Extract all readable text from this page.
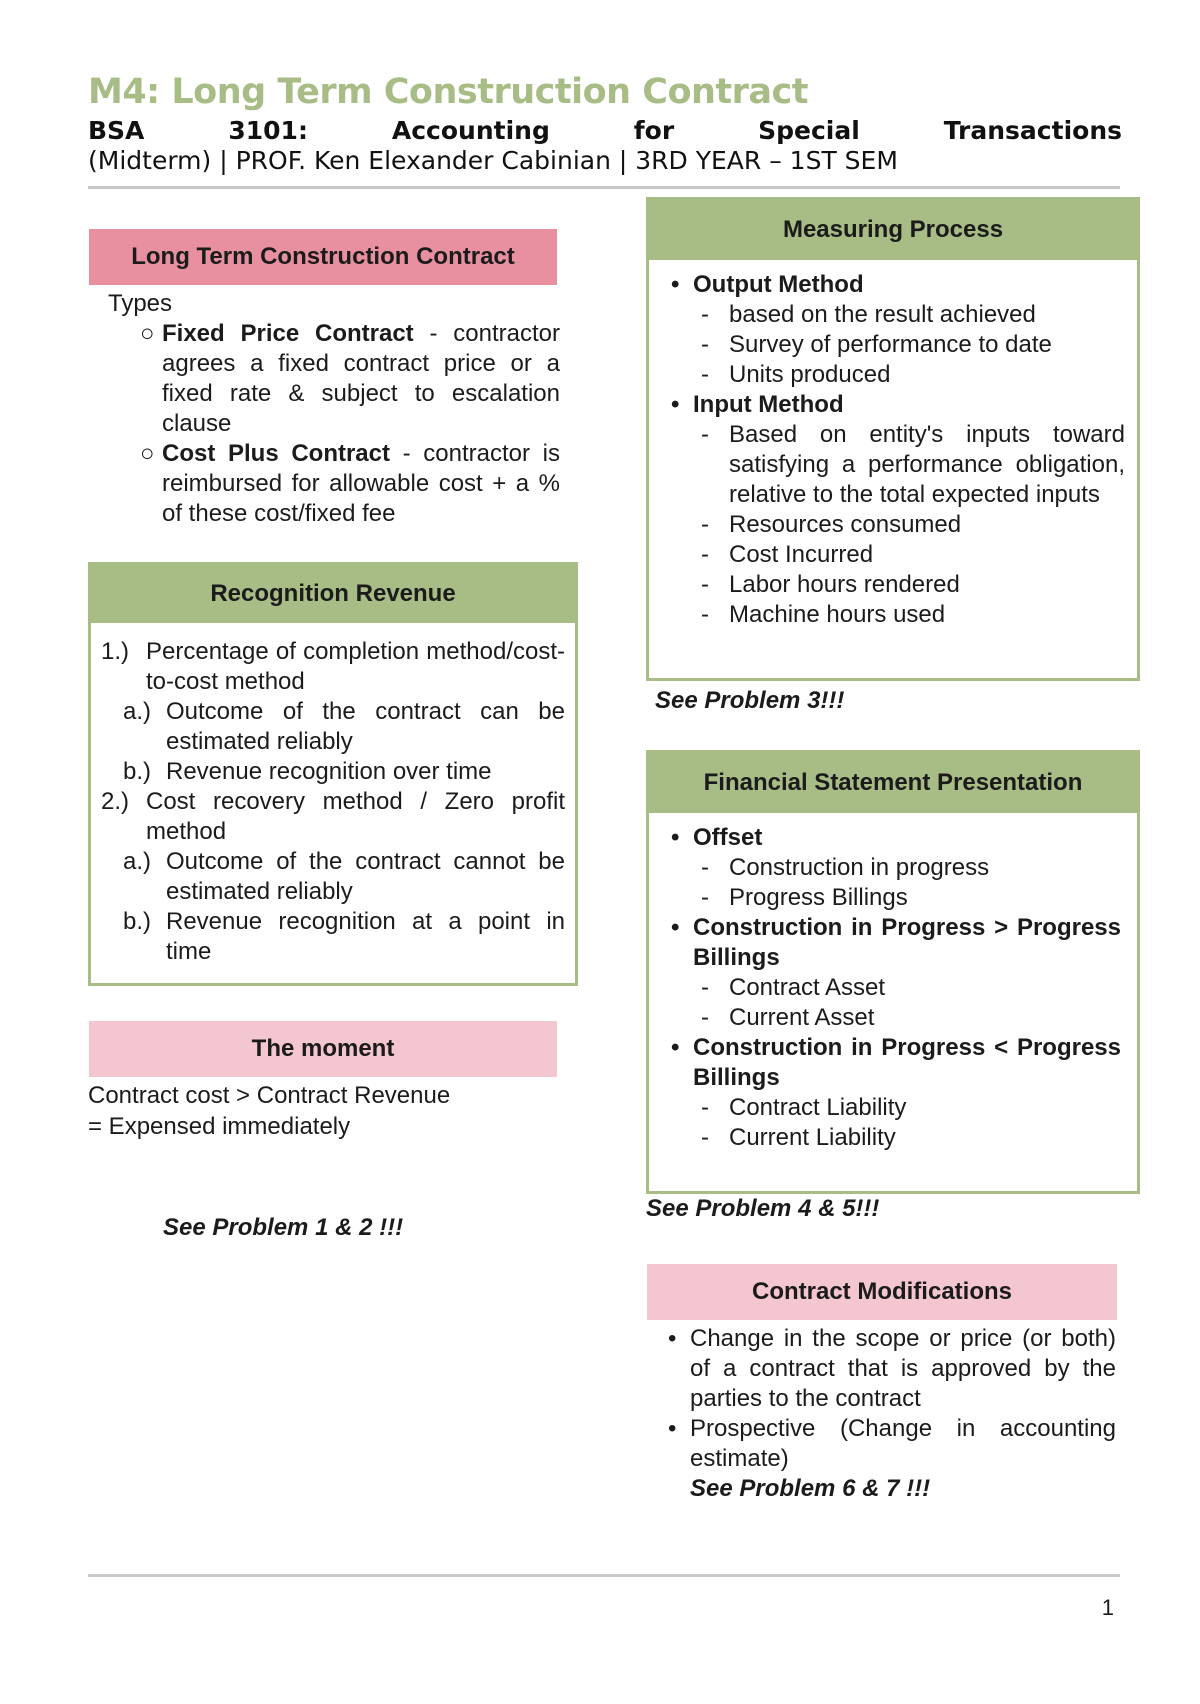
M4: Long Term Construction Contract
BSA	3101:	Accounting	for	Special	Transactions
(Midterm) | PROF. Ken Elexander Cabinian | 3RD YEAR – 1ST SEM
Long Term Construction Contract
Types
○ Fixed Price Contract - contractor agrees a fixed contract price or a fixed rate & subject to escalation clause
○ Cost Plus Contract - contractor is reimbursed for allowable cost + a % of these cost/fixed fee
Recognition Revenue
1.) Percentage of completion method/cost-to-cost method
a.) Outcome of the contract can be estimated reliably
b.) Revenue recognition over time
2.) Cost recovery method / Zero profit method
a.) Outcome of the contract cannot be estimated reliably
b.) Revenue recognition at a point in time
The moment
Contract cost > Contract Revenue
= Expensed immediately
See Problem 1 & 2 !!!
Measuring Process
• Output Method
- based on the result achieved
- Survey of performance to date
- Units produced
• Input Method
- Based on entity's inputs toward satisfying a performance obligation, relative to the total expected inputs
- Resources consumed
- Cost Incurred
- Labor hours rendered
- Machine hours used
See Problem 3!!!
Financial Statement Presentation
• Offset
- Construction in progress
- Progress Billings
• Construction in Progress > Progress Billings
- Contract Asset
- Current Asset
• Construction in Progress < Progress Billings
- Contract Liability
- Current Liability
See Problem 4 & 5!!!
Contract Modifications
• Change in the scope or price (or both) of a contract that is approved by the parties to the contract
• Prospective (Change in accounting estimate)
See Problem 6 & 7 !!!
1
